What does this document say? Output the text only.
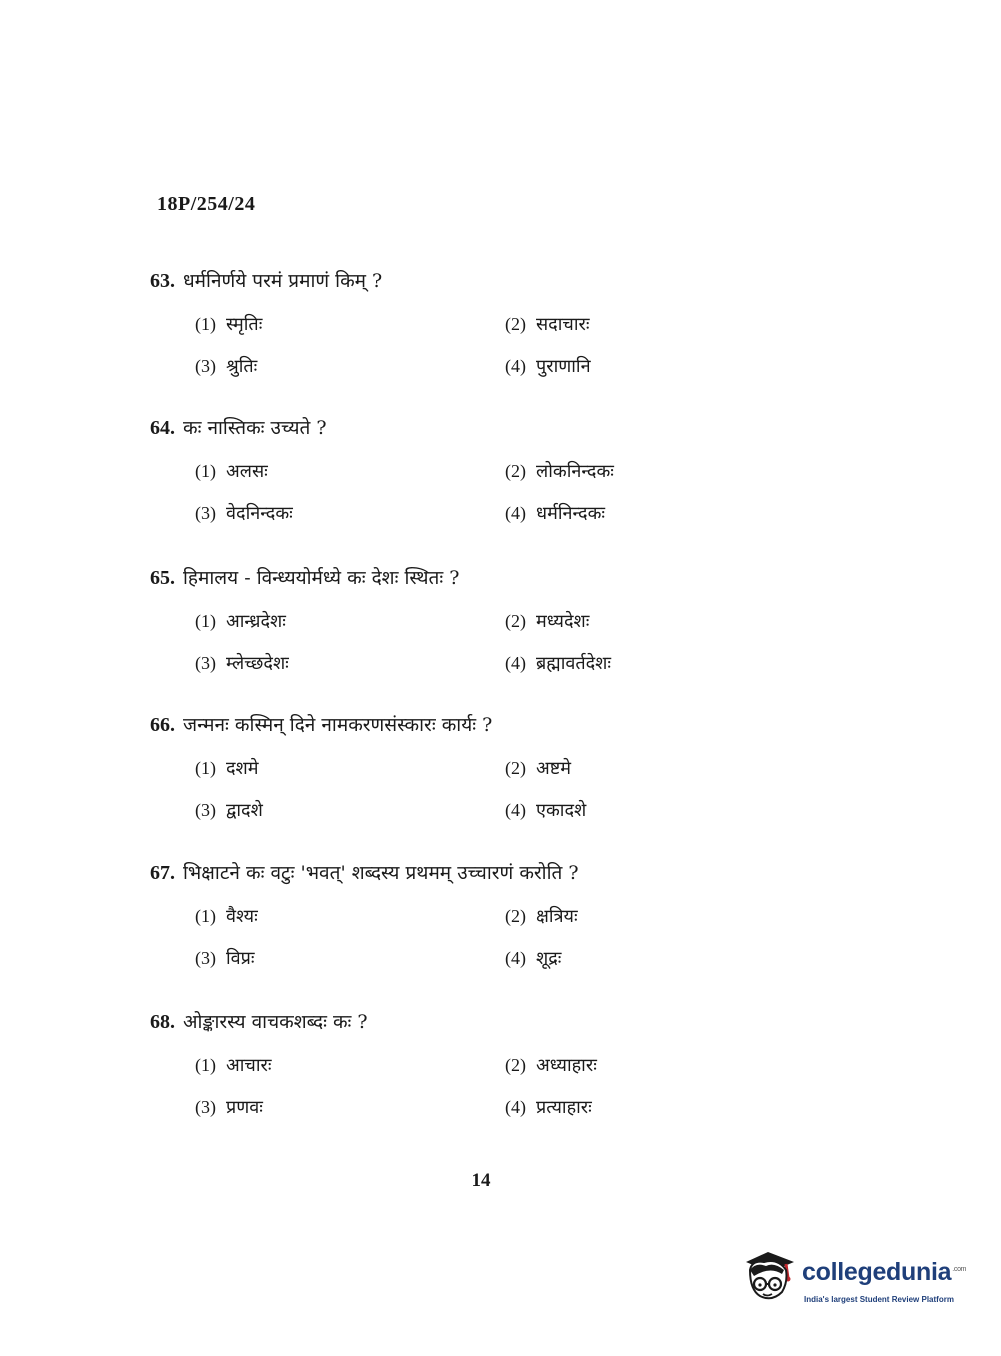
18P/254/24
63. धर्मनिर्णये परमं प्रमाणं किम् ?
(1) स्मृतिः	(2) सदाचारः
(3) श्रुतिः	(4) पुराणानि
64. कः नास्तिकः उच्यते ?
(1) अलसः	(2) लोकनिन्दकः
(3) वेदनिन्दकः	(4) धर्मनिन्दकः
65. हिमालय - विन्ध्ययोर्मध्ये कः देशः स्थितः ?
(1) आन्ध्रदेशः	(2) मध्यदेशः
(3) म्लेच्छदेशः	(4) ब्रह्मावर्तदेशः
66. जन्मनः कस्मिन् दिने नामकरणसंस्कारः कार्यः ?
(1) दशमे	(2) अष्टमे
(3) द्वादशे	(4) एकादशे
67. भिक्षाटने कः वटुः 'भवत्' शब्दस्य प्रथमम् उच्चारणं करोति ?
(1) वैश्यः	(2) क्षत्रियः
(3) विप्रः	(4) शूद्रः
68. ओङ्कारस्य वाचकशब्दः कः ?
(1) आचारः	(2) अध्याहारः
(3) प्रणवः	(4) प्रत्याहारः
14
collegedunia$^{.com}$
India's largest Student Review Platform
